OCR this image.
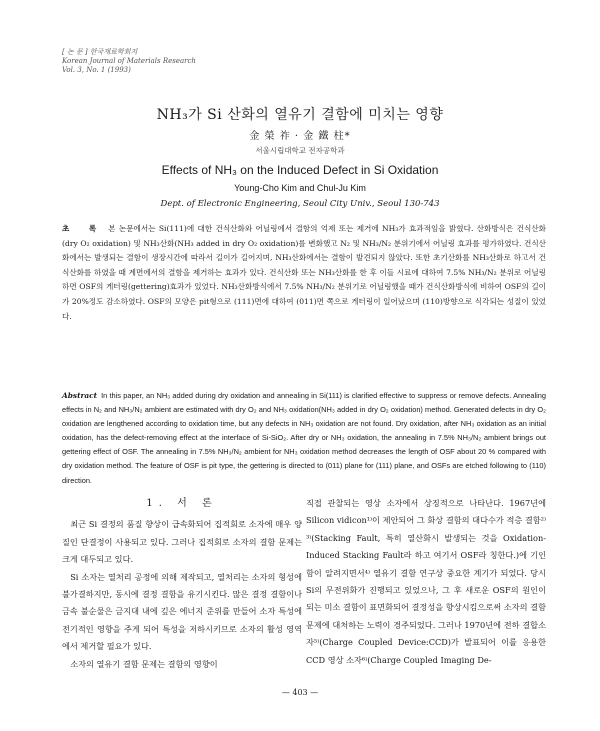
[ 논 문 ] 한국재료학회지
Korean Journal of Materials Research
Vol. 3, No. 1 (1993)
NH₃가 Si 산화의 열유기 결함에 미치는 영향
金 榮 祚 · 金 鐵 柱*
서울시립대학교 전자공학과
Effects of NH₃ on the Induced Defect in Si Oxidation
Young-Cho Kim and Chul-Ju Kim
Dept. of Electronic Engineering, Seoul City Univ., Seoul 130-743
초 록 본 논문에서는 Si(111)에 대한 건식산화와 어닐링에서 결함의 억제 또는 제거에 NH₃가 효과적임을 밝혔다. 산화방식은 건식산화(dry O₂ oxidation) 및 NH₃산화(NH₃ added in dry O₂ oxidation)를 변화했고 N₂ 및 NH₃/N₂ 분위기에서 어닐링 효과를 평가하였다. 건식산화에서는 발생되는 결함이 생장시간에 따라서 길이가 길어지며, NH₃산화에서는 결함이 발견되지 않았다. 또한 초기산화를 NH₃산화로 하고서 건식산화를 하였을 때 계면에서의 결함을 제거하는 효과가 있다. 건식산화 또는 NH₃산화를 한 후 이들 시료에 대하여 7.5% NH₃/N₂ 분위로 어닐링하면 OSF의 게터링(gettering)효과가 있었다. NH₃산화방식에서 7.5% NH₃/N₂ 분위기로 어닐링했을 때가 건식산화방식에 비하여 OSF의 길이가 20%정도 감소하였다. OSF의 모양은 pit형으로 (111)면에 대하여 (011)면 쪽으로 게터링이 일어났으며 (110)방향으로 식각되는 성질이 있었다.
Abstract In this paper, an NH₃ added during dry oxidation and annealing in Si(111) is clarified effective to suppress or remove defects. Annealing effects in N₂ and NH₃/N₂ ambient are estimated with dry O₂ and NH₃ oxidation(NH₃ added in dry O₂ oxidation) method. Generated defects in dry O₂ oxidation are lengthened according to oxidation time, but any defects in NH₃ oxidation are not found. Dry oxidation, after NH₃ oxidation as an initial oxidation, has the defect-removing effect at the interface of Si-SiO₂. After dry or NH₃ oxidation, the annealing in 7.5% NH₃/N₂ ambient brings out gettering effect of OSF. The annealing in 7.5% NH₃/N₂ ambient for NH₃ oxidation method decreases the length of OSF about 20 % compared with dry oxidation method. The feature of OSF is pit type, the gettering is directed to (011) plane for (111) plane, and OSFs are etched following to (110) direction.
1. 서 론

최근 Si 결정의 품질 향상이 급속화되어 집적회로 소자에 매우 양질인 단결정이 사용되고 있다. 그러나 집적회로 소자의 결함 문제는 크게 대두되고 있다.

Si 소자는 열처리 공정에 의해 제작되고, 열처리는 소자의 형성에 불가결하지만, 동시에 결정 결함을 유기시킨다. 많은 결정 결함이나 금속 불순물은 금지대 내에 깊은 에너지 준위를 만들어 소자 특성에 전기적인 영향을 주게 되어 특성을 저하시키므로 소자의 활성 영역에서 제거할 필요가 있다.

소자의 열유기 결함 문제는 결함의 영향이

직접 관찰되는 영상 소자에서 상징적으로 나타난다. 1967년에 Silicon vidicon¹⁾이 제안되어 그 화상 결함의 대다수가 적층 결함²⁾³⁾(Stacking Fault, 특히 열산화시 발생되는 것을 Oxidation-Induced Stacking Fault라 하고 여기서 OSF라 칭한다.)에 기인함이 알려지면서⁴⁾ 열유기 결함 연구상 중요한 계기가 되었다. 당시 Si의 무전위화가 진행되고 있었으나, 그 후 새로운 OSF의 원인이 되는 미소 결함이 표면화되어 결정성을 향상시킴으로써 소자의 결함 문제에 대처하는 노력이 경주되었다. 그러나 1970년에 전하 결합소자⁵⁾(Charge Coupled Device:CCD)가 발표되어 이를 응용한 CCD 영상 소자⁶⁾(Charge Coupled Imaging De-

— 403 —
